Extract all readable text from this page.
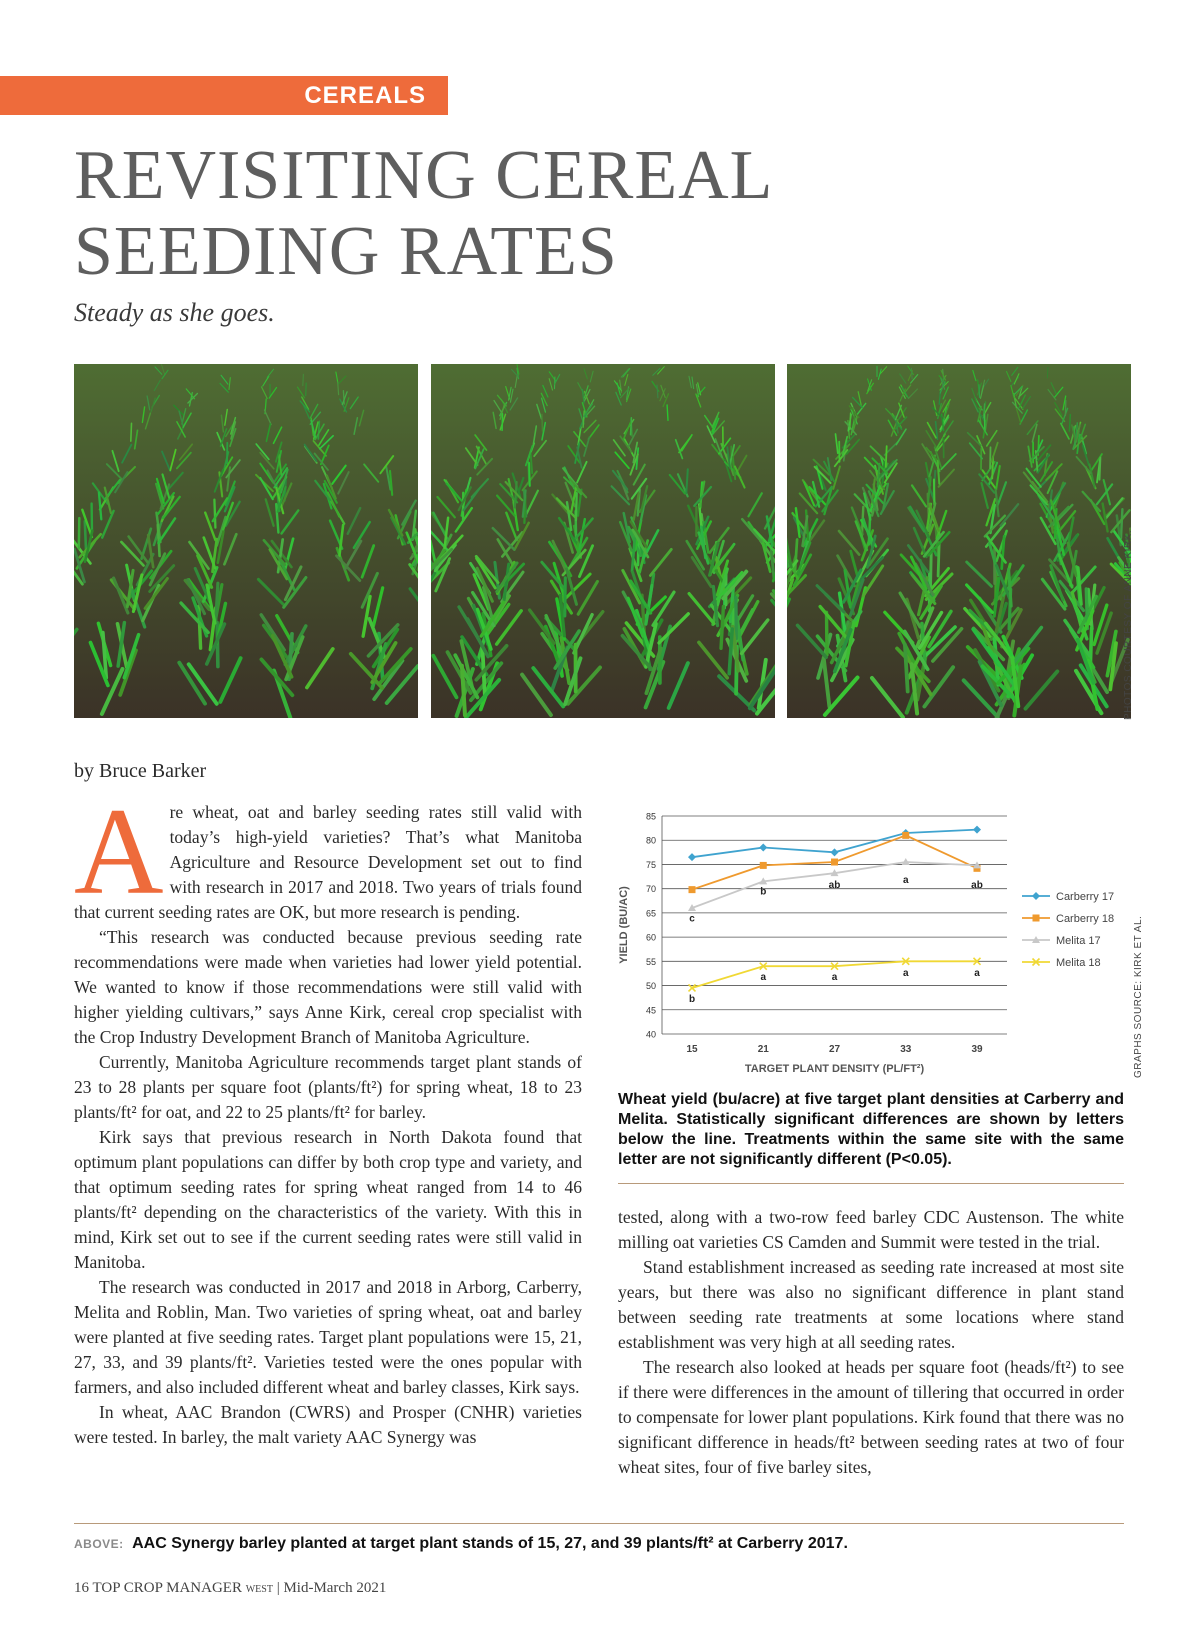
CEREALS
REVISITING CEREAL
SEEDING RATES
Steady as she goes.
PHOTOS COURTESY OF ANNE KIRK.
by Bruce Barker
A re wheat, oat and barley seeding rates still valid with today’s high-yield varieties? That’s what Manitoba Agriculture and Resource Development set out to find with research in 2017 and 2018. Two years of trials found that current seeding rates are OK, but more research is pending.

“This research was conducted because previous seeding rate recommendations were made when varieties had lower yield potential. We wanted to know if those recommendations were still valid with higher yielding cultivars,” says Anne Kirk, cereal crop specialist with the Crop Industry Development Branch of Manitoba Agriculture.

Currently, Manitoba Agriculture recommends target plant stands of 23 to 28 plants per square foot (plants/ft²) for spring wheat, 18 to 23 plants/ft² for oat, and 22 to 25 plants/ft² for barley.

Kirk says that previous research in North Dakota found that optimum plant populations can differ by both crop type and variety, and that optimum seeding rates for spring wheat ranged from 14 to 46 plants/ft² depending on the characteristics of the variety. With this in mind, Kirk set out to see if the current seeding rates were still valid in Manitoba.

The research was conducted in 2017 and 2018 in Arborg, Carberry, Melita and Roblin, Man. Two varieties of spring wheat, oat and barley were planted at five seeding rates. Target plant populations were 15, 21, 27, 33, and 39 plants/ft². Varieties tested were the ones popular with farmers, and also included different wheat and barley classes, Kirk says.

In wheat, AAC Brandon (CWRS) and Prosper (CNHR) varieties were tested. In barley, the malt variety AAC Synergy was

40
45
50
55
60
65
70
75
80
85
15	21	27	33	39
TARGET PLANT DENSITY (PL/FT²)
YIELD (BU/AC)	Carberry 17
Carberry 18
Melita 17
Melita 18
c
b
ab	a	ab
b
a	a	a	a	GRAPHS SOURCE: KIRK ET AL.
Wheat yield (bu/acre) at five target plant densities at Carberry and Melita. Statistically significant differences are shown by letters below the line. Treatments within the same site with the same letter are not significantly different (P<0.05).

tested, along with a two-row feed barley CDC Austenson. The white milling oat varieties CS Camden and Summit were tested in the trial.

Stand establishment increased as seeding rate increased at most site years, but there was also no significant difference in plant stand between seeding rate treatments at some locations where stand establishment was very high at all seeding rates.

The research also looked at heads per square foot (heads/ft²) to see if there were differences in the amount of tillering that occurred in order to compensate for lower plant populations. Kirk found that there was no significant difference in heads/ft² between seeding rates at two of four wheat sites, four of five barley sites,

ABOVE: AAC Synergy barley planted at target plant stands of 15, 27, and 39 plants/ft² at Carberry 2017.
16 TOP CROP MANAGER WEST | Mid-March 2021
